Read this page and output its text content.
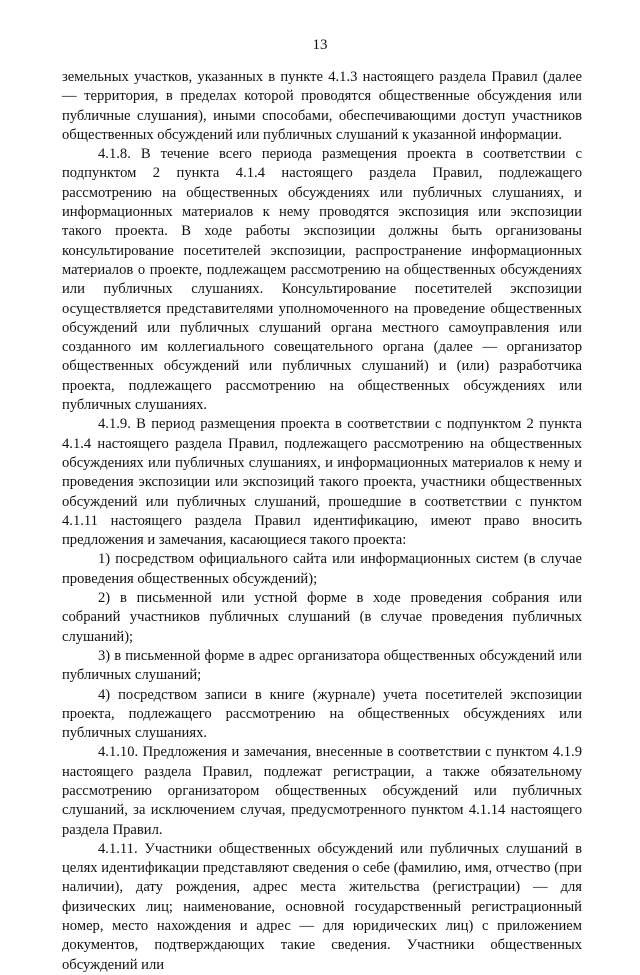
13

земельных участков, указанных в пункте 4.1.3 настоящего раздела Правил (далее — территория, в пределах которой проводятся общественные обсуждения или публичные слушания), иными способами, обеспечивающими доступ участников общественных обсуждений или публичных слушаний к указанной информации.

4.1.8. В течение всего периода размещения проекта в соответствии с подпунктом 2 пункта 4.1.4 настоящего раздела Правил, подлежащего рассмотрению на общественных обсуждениях или публичных слушаниях, и информационных материалов к нему проводятся экспозиция или экспозиции такого проекта. В ходе работы экспозиции должны быть организованы консультирование посетителей экспозиции, распространение информационных материалов о проекте, подлежащем рассмотрению на общественных обсуждениях или публичных слушаниях. Консультирование посетителей экспозиции осуществляется представителями уполномоченного на проведение общественных обсуждений или публичных слушаний органа местного самоуправления или созданного им коллегиального совещательного органа (далее — организатор общественных обсуждений или публичных слушаний) и (или) разработчика проекта, подлежащего рассмотрению на общественных обсуждениях или публичных слушаниях.

4.1.9. В период размещения проекта в соответствии с подпунктом 2 пункта 4.1.4 настоящего раздела Правил, подлежащего рассмотрению на общественных обсуждениях или публичных слушаниях, и информационных материалов к нему и проведения экспозиции или экспозиций такого проекта, участники общественных обсуждений или публичных слушаний, прошедшие в соответствии с пунктом 4.1.11 настоящего раздела Правил идентификацию, имеют право вносить предложения и замечания, касающиеся такого проекта:

1) посредством официального сайта или информационных систем (в случае проведения общественных обсуждений);

2) в письменной или устной форме в ходе проведения собрания или собраний участников публичных слушаний (в случае проведения публичных слушаний);

3) в письменной форме в адрес организатора общественных обсуждений или публичных слушаний;

4) посредством записи в книге (журнале) учета посетителей экспозиции проекта, подлежащего рассмотрению на общественных обсуждениях или публичных слушаниях.

4.1.10. Предложения и замечания, внесенные в соответствии с пунктом 4.1.9 настоящего раздела Правил, подлежат регистрации, а также обязательному рассмотрению организатором общественных обсуждений или публичных слушаний, за исключением случая, предусмотренного пунктом 4.1.14 настоящего раздела Правил.

4.1.11. Участники общественных обсуждений или публичных слушаний в целях идентификации представляют сведения о себе (фамилию, имя, отчество (при наличии), дату рождения, адрес места жительства (регистрации) — для физических лиц; наименование, основной государственный регистрационный номер, место нахождения и адрес — для юридических лиц) с приложением документов, подтверждающих такие сведения. Участники общественных обсуждений или
